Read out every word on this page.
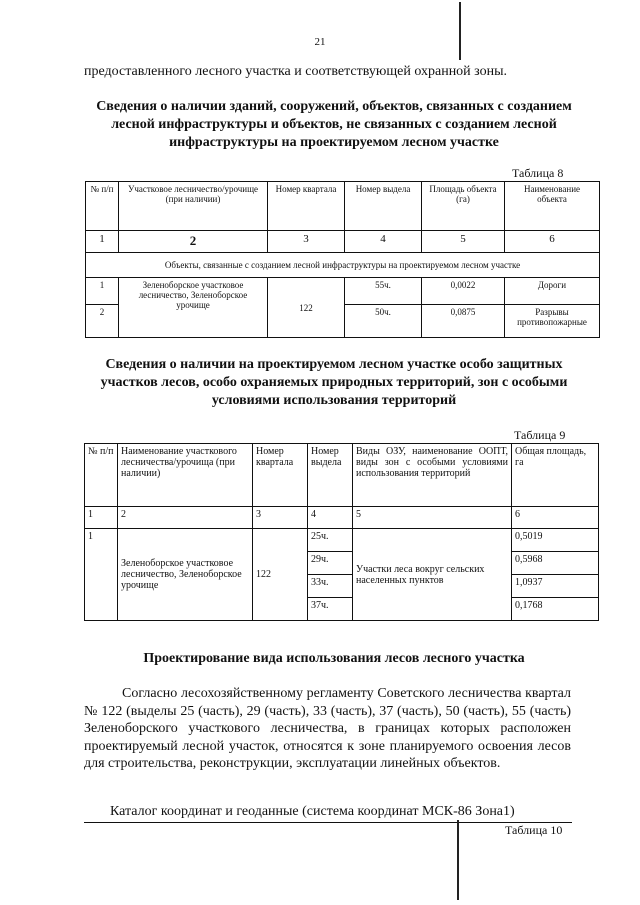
21
предоставленного лесного участка и соответствующей охранной зоны.
Сведения о наличии зданий, сооружений, объектов, связанных с созданием лесной инфраструктуры и объектов, не связанных с созданием лесной инфраструктуры на проектируемом лесном участке
Таблица 8
№ п/п	Участковое лесничество/урочище (при наличии)	Номер квартала	Номер выдела	Площадь объекта (га)	Наименование объекта
1	2	3	4	5	6
Объекты, связанные с созданием лесной инфраструктуры на проектируемом лесном участке					
1	Зеленоборское участковое лесничество, Зеленоборское урочище	122	55ч.	0,0022	Дороги
2			50ч.	0,0875	Разрывы противопожарные
Сведения о наличии на проектируемом лесном участке особо защитных участков лесов, особо охраняемых природных территорий, зон с особыми условиями использования территорий
Таблица 9
№ п/п	Наименование участкового лесничества/урочища (при наличии)	Номер квартала	Номер выдела	Виды ОЗУ, наименование ООПТ, виды зон с особыми условиями использования территорий	Общая площадь, га
1	2	3	4	5	6
1	Зеленоборское участковое лесничество, Зеленоборское урочище	122	25ч.	Участки леса вокруг сельских населенных пунктов	0,5019
			29ч.		0,5968
			33ч.		1,0937
			37ч.		0,1768
Проектирование вида использования лесов лесного участка
Согласно лесохозяйственному регламенту Советского лесничества квартал № 122 (выделы 25 (часть), 29 (часть), 33 (часть), 37 (часть), 50 (часть), 55 (часть) Зеленоборского участкового лесничества, в границах которых расположен проектируемый лесной участок, относятся к зоне планируемого освоения лесов для строительства, реконструкции, эксплуатации линейных объектов.
Каталог координат и геоданные (система координат МСК-86 Зона1)
Таблица 10
